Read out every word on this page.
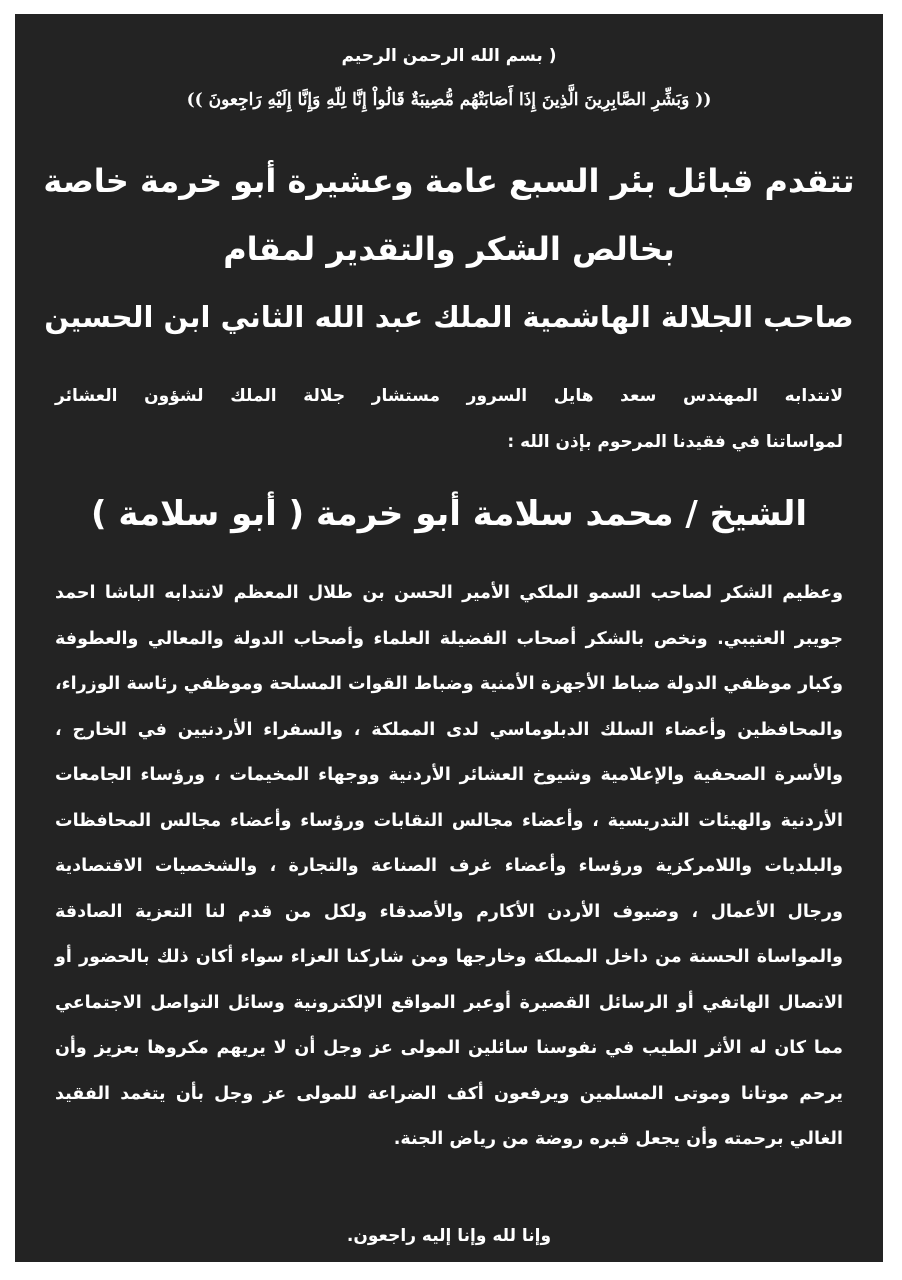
( بسم الله الرحمن الرحيم
(( وَبَشِّرِ الصَّابِرِينَ الَّذِينَ إِذَا أَصَابَتْهُم مُّصِيبَةٌ قَالُواْ إِنَّا لِلّهِ وَإِنَّا إِلَيْهِ رَاجِعونَ ))
تتقدم قبائل بئر السبع عامة وعشيرة أبو خرمة خاصة
بخالص الشكر والتقدير لمقام
صاحب الجلالة الهاشمية الملك عبد الله الثاني ابن الحسين
لانتدابه المهندس سعد هايل السرور مستشار جلالة الملك لشؤون العشائر
لمواساتنا في فقيدنا المرحوم بإذن الله :
الشيخ / محمد سلامة أبو خرمة ( أبو سلامة )
وعظيم الشكر لصاحب السمو الملكي الأمير الحسن بن طلال المعظم لانتدابه الباشا احمد جويبر العتيبي. ونخص بالشكر أصحاب الفضيلة العلماء وأصحاب الدولة والمعالي والعطوفة وكبار موظفي الدولة ضباط الأجهزة الأمنية وضباط القوات المسلحة وموظفي رئاسة الوزراء، والمحافظين وأعضاء السلك الدبلوماسي لدى المملكة ، والسفراء الأردنيين في الخارج ، والأسرة الصحفية والإعلامية وشيوخ العشائر الأردنية ووجهاء المخيمات ، ورؤساء الجامعات الأردنية والهيئات التدريسية ، وأعضاء مجالس النقابات ورؤساء وأعضاء مجالس المحافظات والبلديات واللامركزية ورؤساء وأعضاء غرف الصناعة والتجارة ، والشخصيات الاقتصادية ورجال الأعمال ، وضيوف الأردن الأكارم والأصدقاء ولكل من قدم لنا التعزية الصادقة والمواساة الحسنة من داخل المملكة وخارجها ومن شاركنا العزاء سواء أكان ذلك بالحضور أو الاتصال الهاتفي أو الرسائل القصيرة أوعبر المواقع الإلكترونية وسائل التواصل الاجتماعي مما كان له الأثر الطيب في نفوسنا سائلين المولى عز وجل أن لا يريهم مكروها بعزيز وأن يرحم موتانا وموتى المسلمين ويرفعون أكف الضراعة للمولى عز وجل بأن يتغمد الفقيد الغالي برحمته وأن يجعل قبره روضة من رياض الجنة.
وإنا لله وإنا إليه راجعون.
